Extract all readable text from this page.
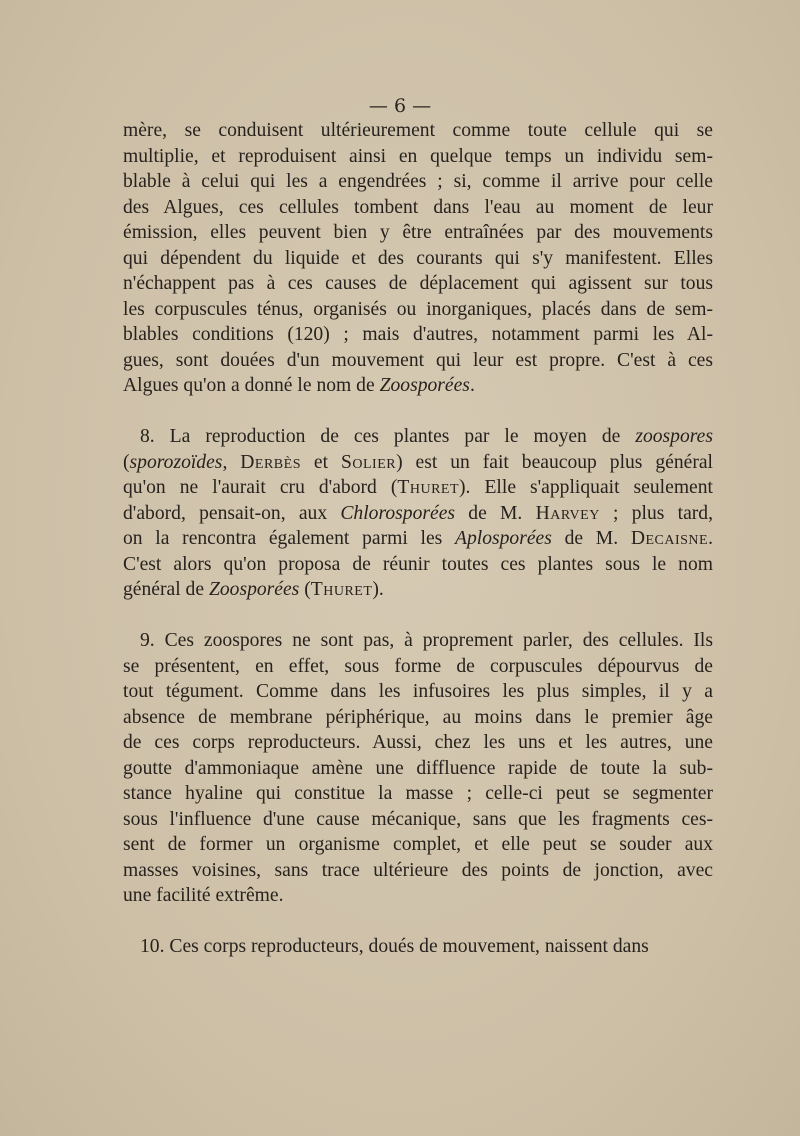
— 6 —
mère, se conduisent ultérieurement comme toute cellule qui se
multiplie, et reproduisent ainsi en quelque temps un individu sem-
blable à celui qui les a engendrées ; si, comme il arrive pour celle
des Algues, ces cellules tombent dans l'eau au moment de leur
émission, elles peuvent bien y être entraînées par des mouvements
qui dépendent du liquide et des courants qui s'y manifestent. Elles
n'échappent pas à ces causes de déplacement qui agissent sur tous
les corpuscules ténus, organisés ou inorganiques, placés dans de sem-
blables conditions (120) ; mais d'autres, notamment parmi les Al-
gues, sont douées d'un mouvement qui leur est propre. C'est à ces
Algues qu'on a donné le nom de Zoosporées.
8. La reproduction de ces plantes par le moyen de zoospores
(sporozoïdes, Derbès et Solier) est un fait beaucoup plus général
qu'on ne l'aurait cru d'abord (Thuret). Elle s'appliquait seulement
d'abord, pensait-on, aux Chlorosporées de M. Harvey ; plus tard,
on la rencontra également parmi les Aplosporées de M. Decaisne.
C'est alors qu'on proposa de réunir toutes ces plantes sous le nom
général de Zoosporées (Thuret).
9. Ces zoospores ne sont pas, à proprement parler, des cellules. Ils
se présentent, en effet, sous forme de corpuscules dépourvus de
tout tégument. Comme dans les infusoires les plus simples, il y a
absence de membrane périphérique, au moins dans le premier âge
de ces corps reproducteurs. Aussi, chez les uns et les autres, une
goutte d'ammoniaque amène une diffluence rapide de toute la sub-
stance hyaline qui constitue la masse ; celle-ci peut se segmenter
sous l'influence d'une cause mécanique, sans que les fragments ces-
sent de former un organisme complet, et elle peut se souder aux
masses voisines, sans trace ultérieure des points de jonction, avec
une facilité extrême.
10. Ces corps reproducteurs, doués de mouvement, naissent dans
